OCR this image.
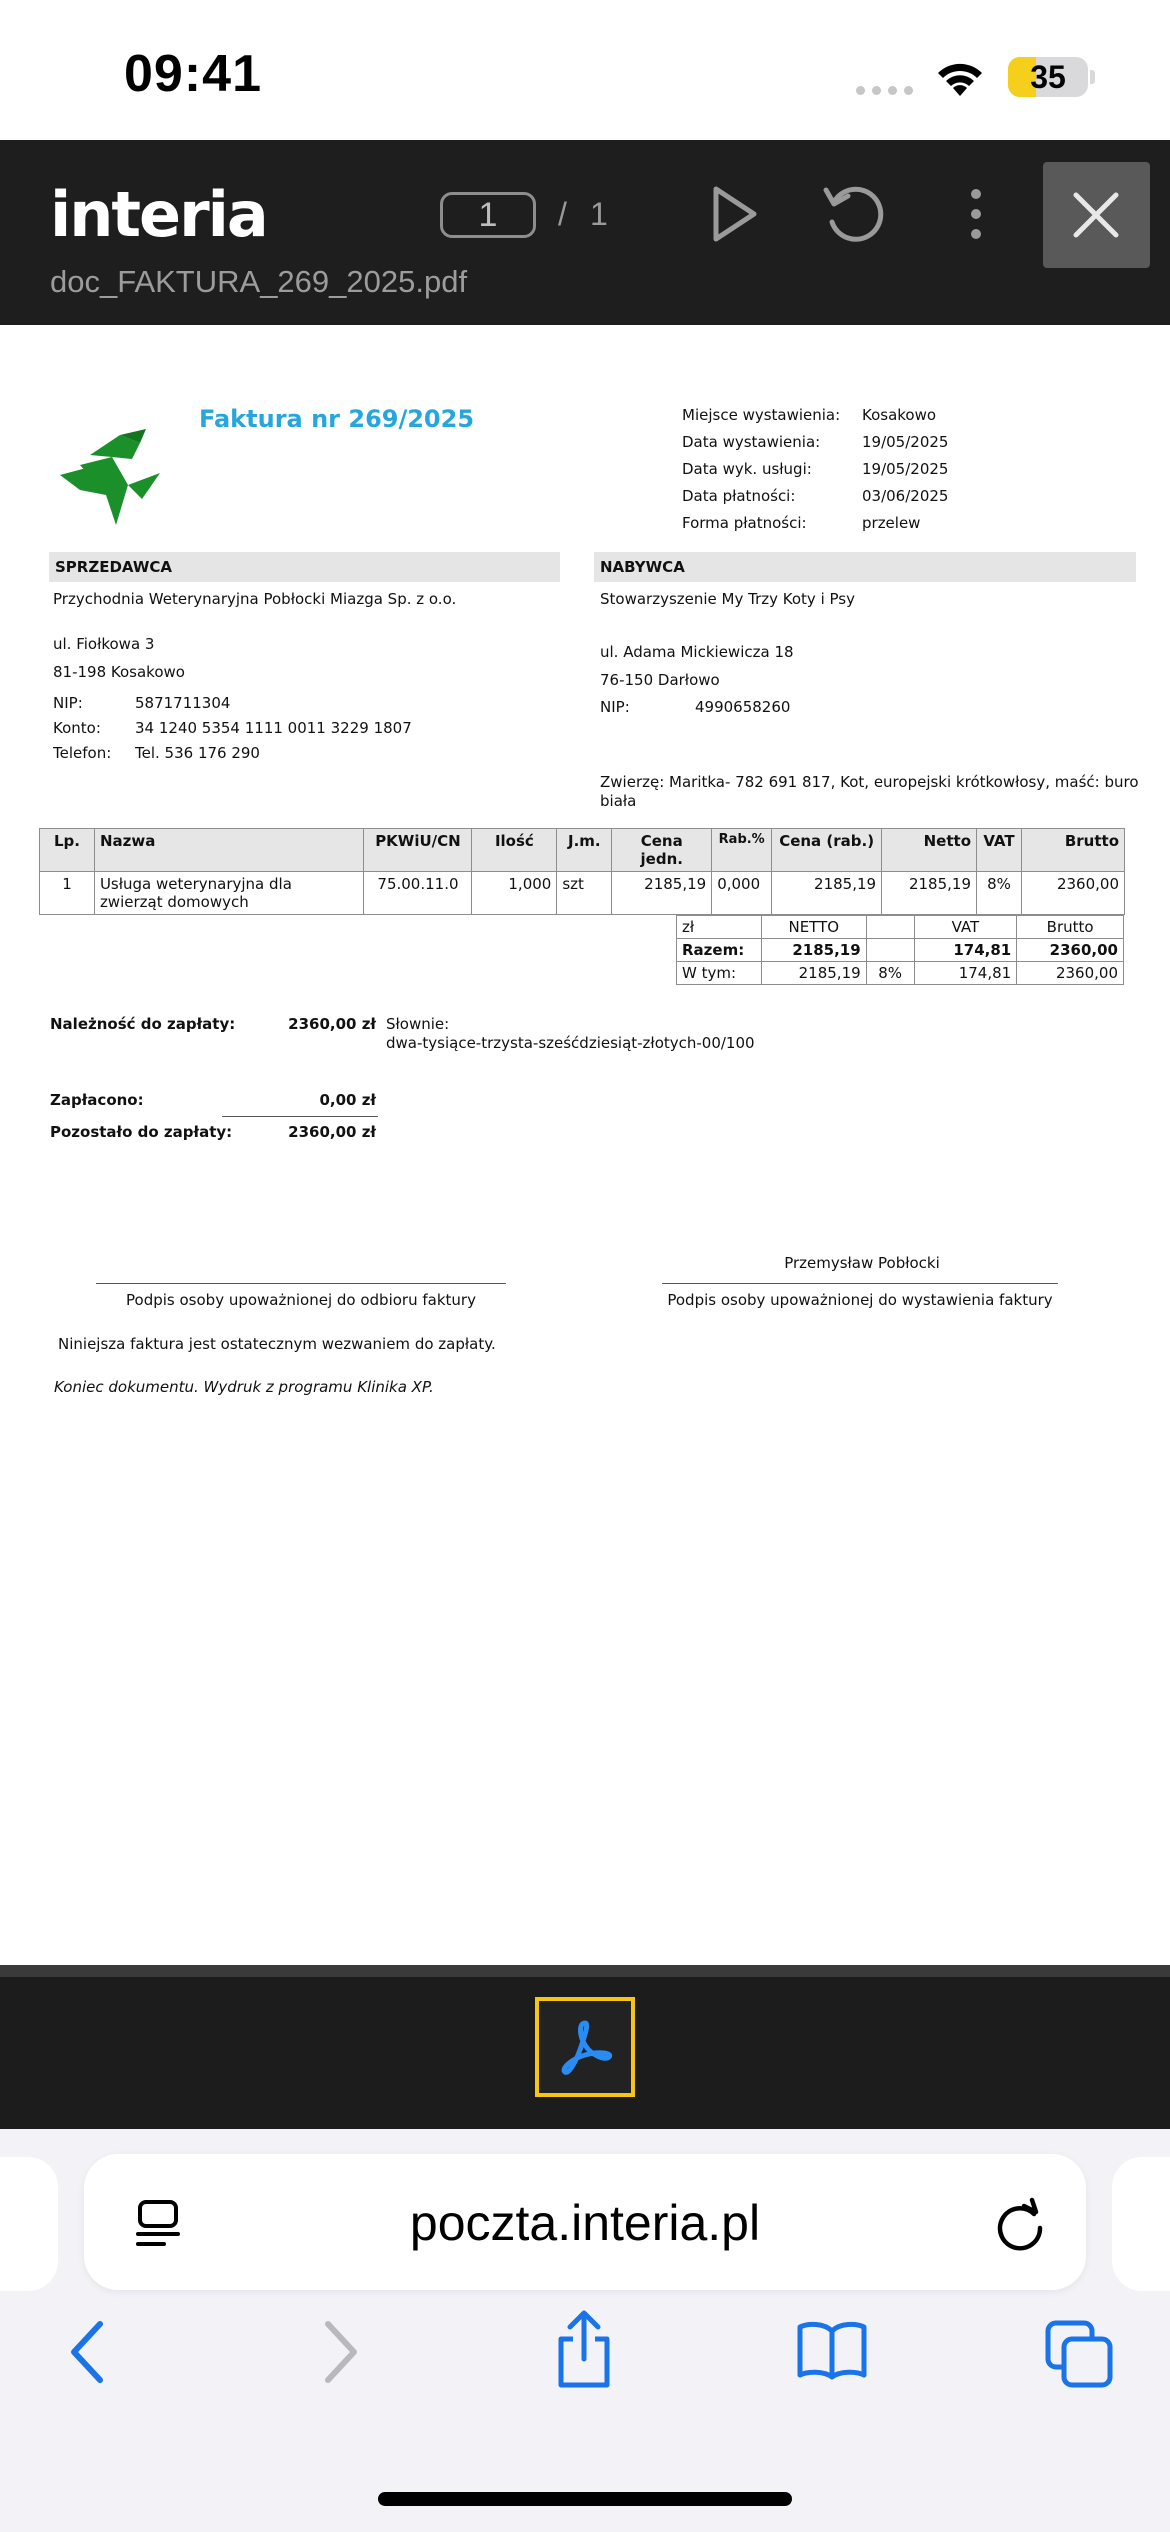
09:41	35
interia	1	/ 1
doc_FAKTURA_269_2025.pdf
Faktura nr 269/2025	Miejsce wystawienia: Kosakowo
Data wystawienia:	19/05/2025
Data wyk. usługi:	19/05/2025
Data płatności:	03/06/2025
Forma płatności:	przelew
SPRZEDAWCA
Przychodnia Weterynaryjna Pobłocki Miazga Sp. z o.o.
ul. Fiołkowa 3
81-198 Kosakowo
NIP:	5871711304
Konto: 34 1240 5354 1111 0011 3229 1807
Telefon: Tel. 536 176 290
NABYWCA
Stowarzyszenie My Trzy Koty i Psy
ul. Adama Mickiewicza 18
76-150 Darłowo
NIP:	4990658260
Zwierzę: Maritka- 782 691 817, Kot, europejski krótkowłosy, maść: buro
biała
Lp.	Nazwa	PKWiU/CN	Ilość	J.m.	Cena jedn.	Rab.%	Cena (rab.)	Netto	VAT	Brutto
1	Usługa weterynaryjna dla zwierząt domowych	75.00.11.0	1,000	szt	2185,19	0,000	2185,19	2185,19	8%	2360,00
zł	NETTO		VAT	Brutto
Razem:	2185,19		174,81	2360,00
W tym:	2185,19	8%	174,81	2360,00
Należność do zapłaty:	2360,00 zł Słownie:
dwa-tysiące-trzysta-sześćdziesiąt-złotych-00/100
Zapłacono:	0,00 zł
Pozostało do zapłaty:	2360,00 zł
Przemysław Pobłocki
Podpis osoby upoważnionej do odbioru faktury	Podpis osoby upoważnionej do wystawienia faktury
Niniejsza faktura jest ostatecznym wezwaniem do zapłaty.
Koniec dokumentu. Wydruk z programu Klinika XP.
poczta.interia.pl
